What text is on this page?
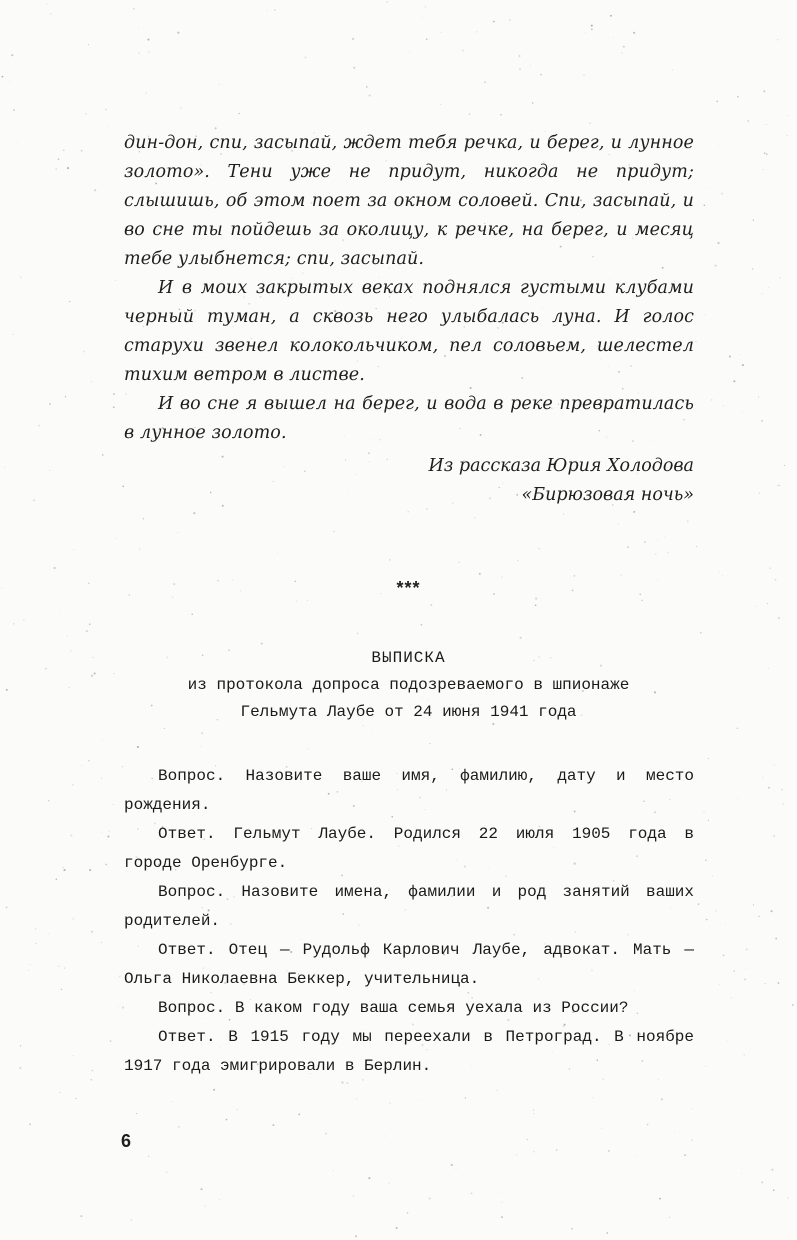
дин-дон, спи, засыпай, ждет тебя речка, и берег, и лунное золото». Тени уже не придут, никогда не придут; слышишь, об этом поет за окном соловей. Спи, засыпай, и во сне ты пойдешь за околицу, к речке, на берег, и месяц тебе улыбнется; спи, засыпай.

И в моих закрытых веках поднялся густыми клубами черный туман, а сквозь него улыбалась луна. И голос старухи звенел колокольчиком, пел соловьем, шелестел тихим ветром в листве.

И во сне я вышел на берег, и вода в реке превратилась в лунное золото.

Из рассказа Юрия Холодова
«Бирюзовая ночь»
***
ВЫПИСКА
из протокола допроса подозреваемого в шпионаже
Гельмута Лаубе от 24 июня 1941 года

Вопрос. Назовите ваше имя, фамилию, дату и место рождения.

Ответ. Гельмут Лаубе. Родился 22 июля 1905 года в городе Оренбурге.

Вопрос. Назовите имена, фамилии и род занятий ваших родителей.

Ответ. Отец — Рудольф Карлович Лаубе, адвокат. Мать — Ольга Николаевна Беккер, учительница.

Вопрос. В каком году ваша семья уехала из России?

Ответ. В 1915 году мы переехали в Петроград. В ноябре 1917 года эмигрировали в Берлин.

6
